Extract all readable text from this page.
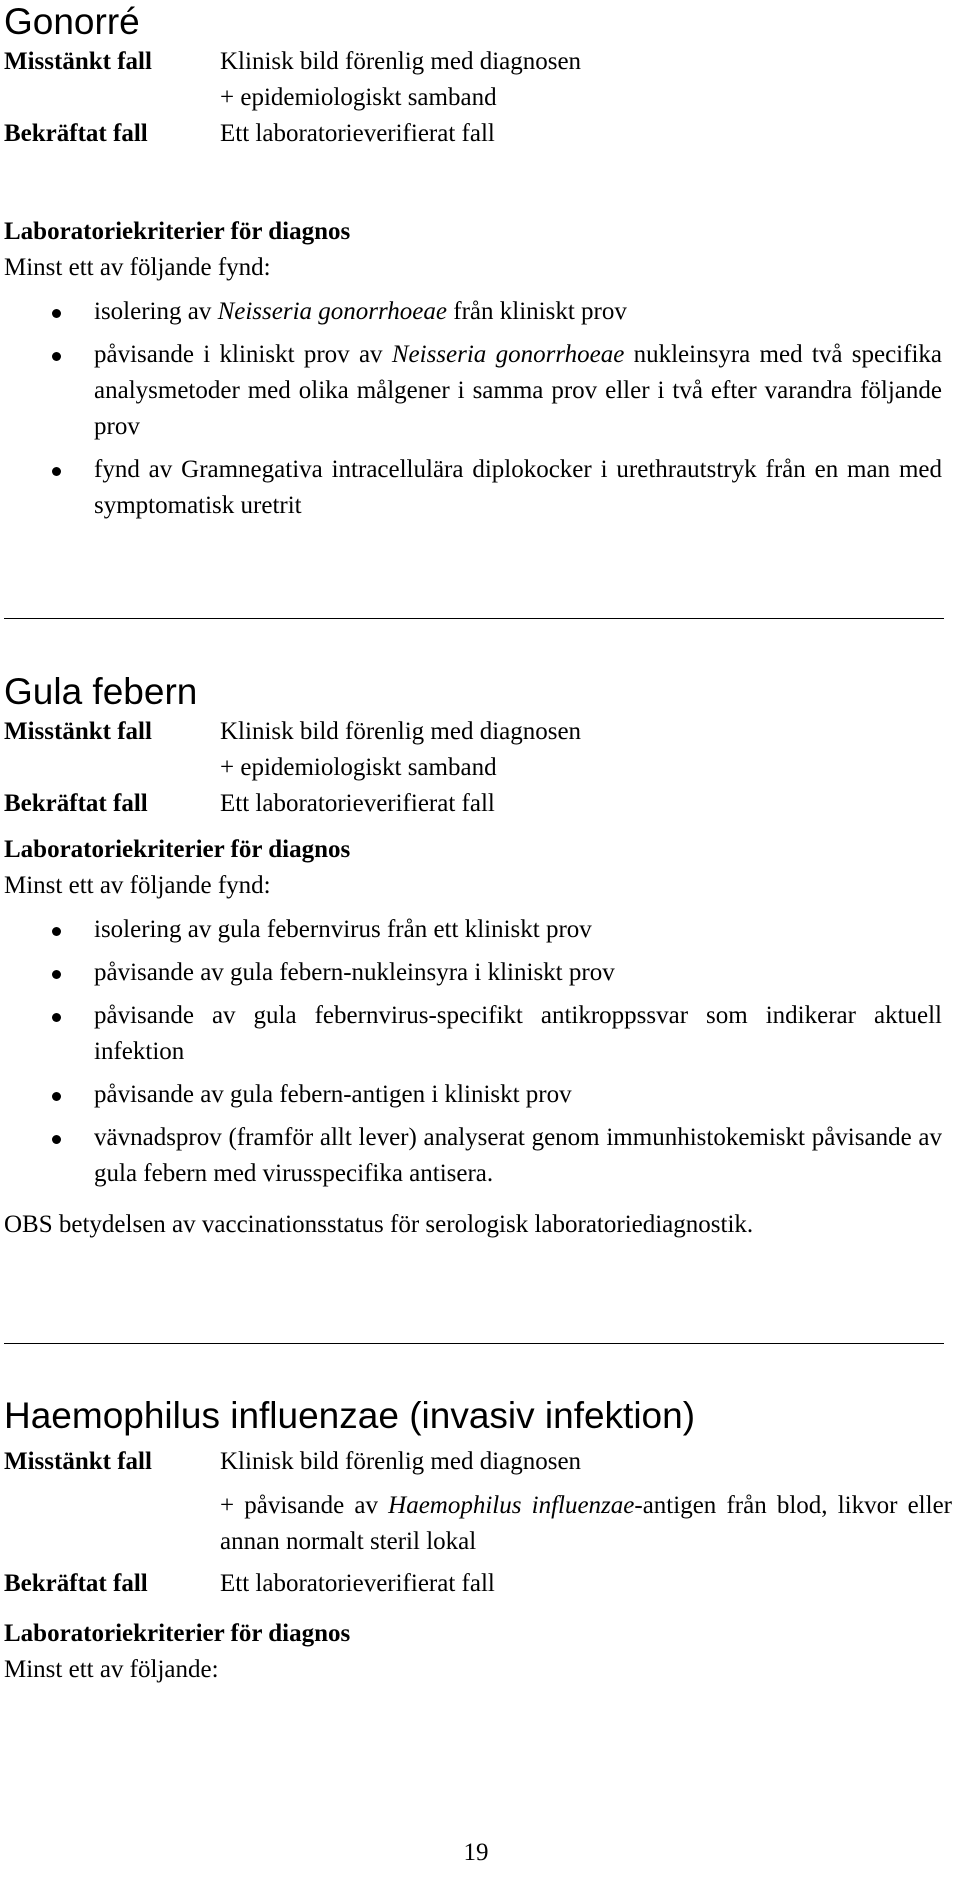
Gonorré
Misstänkt fall	Klinisk bild förenlig med diagnosen
+ epidemiologiskt samband
Bekräftat fall	Ett laboratorieverifierat fall
Laboratoriekriterier för diagnos
Minst ett av följande fynd:
isolering av Neisseria gonorrhoeae från kliniskt prov
påvisande i kliniskt prov av Neisseria gonorrhoeae nukleinsyra med två specifika analysmetoder med olika målgener i samma prov eller i två efter varandra följande prov
fynd av Gramnegativa intracellulära diplokocker i urethrautstryk från en man med symptomatisk uretrit
Gula febern
Misstänkt fall	Klinisk bild förenlig med diagnosen
+ epidemiologiskt samband
Bekräftat fall	Ett laboratorieverifierat fall
Laboratoriekriterier för diagnos
Minst ett av följande fynd:
isolering av gula febernvirus från ett kliniskt prov
påvisande av gula febern-nukleinsyra i kliniskt prov
påvisande av gula febernvirus-specifikt antikroppssvar som indikerar aktuell infektion
påvisande av gula febern-antigen i kliniskt prov
vävnadsprov (framför allt lever) analyserat genom immunhistokemiskt påvisande av gula febern med virusspecifika antisera.
OBS betydelsen av vaccinationsstatus för serologisk laboratoriediagnostik.
Haemophilus influenzae (invasiv infektion)
Misstänkt fall	Klinisk bild förenlig med diagnosen
+ påvisande av Haemophilus influenzae-antigen från blod, likvor eller annan normalt steril lokal
Bekräftat fall	Ett laboratorieverifierat fall
Laboratoriekriterier för diagnos
Minst ett av följande:
19
